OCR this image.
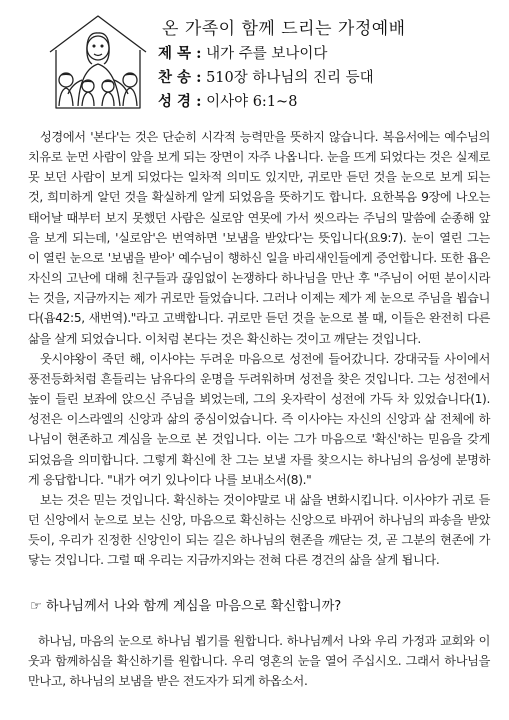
온 가족이 함께 드리는 가정예배
제 목 : 내가 주를 보나이다
찬 송 : 510장 하나님의 진리 등대
성 경 : 이사야 6:1~8

성경에서 '본다'는 것은 단순히 시각적 능력만을 뜻하지 않습니다. 복음서에는 예수님의 치유로 눈먼 사람이 앞을 보게 되는 장면이 자주 나옵니다. 눈을 뜨게 되었다는 것은 실제로 못 보던 사람이 보게 되었다는 일차적 의미도 있지만, 귀로만 듣던 것을 눈으로 보게 되는 것, 희미하게 알던 것을 확실하게 알게 되었음을 뜻하기도 합니다. 요한복음 9장에 나오는 태어날 때부터 보지 못했던 사람은 실로암 연못에 가서 씻으라는 주님의 말씀에 순종해 앞을 보게 되는데, '실로암'은 번역하면 '보냄을 받았다'는 뜻입니다(요9:7). 눈이 열린 그는 이 열린 눈으로 '보냄을 받아' 예수님이 행하신 일을 바리새인들에게 증언합니다. 또한 욥은 자신의 고난에 대해 친구들과 끊임없이 논쟁하다 하나님을 만난 후 "주님이 어떤 분이시라는 것을, 지금까지는 제가 귀로만 들었습니다. 그러나 이제는 제가 제 눈으로 주님을 뵙습니다(욥42:5, 새번역)."라고 고백합니다. 귀로만 듣던 것을 눈으로 볼 때, 이들은 완전히 다른 삶을 살게 되었습니다. 이처럼 본다는 것은 확신하는 것이고 깨닫는 것입니다.

웃시야왕이 죽던 해, 이사야는 두려운 마음으로 성전에 들어갔니다. 강대국들 사이에서 풍전등화처럼 흔들리는 남유다의 운명을 두려워하며 성전을 찾은 것입니다. 그는 성전에서 높이 들린 보좌에 앉으신 주님을 뵈었는데, 그의 옷자락이 성전에 가득 차 있었습니다(1). 성전은 이스라엘의 신앙과 삶의 중심이었습니다. 즉 이사야는 자신의 신앙과 삶 전체에 하나님이 현존하고 계심을 눈으로 본 것입니다. 이는 그가 마음으로 '확신'하는 믿음을 갖게 되었음을 의미합니다. 그렇게 확신에 찬 그는 보낼 자를 찾으시는 하나님의 음성에 분명하게 응답합니다. "내가 여기 있나이다 나를 보내소서(8)."

보는 것은 믿는 것입니다. 확신하는 것이야말로 내 삶을 변화시킵니다. 이사야가 귀로 듣던 신앙에서 눈으로 보는 신앙, 마음으로 확신하는 신앙으로 바뀌어 하나님의 파송을 받았듯이, 우리가 진정한 신앙인이 되는 길은 하나님의 현존을 깨닫는 것, 곧 그분의 현존에 가닿는 것입니다. 그럴 때 우리는 지금까지와는 전혀 다른 경건의 삶을 살게 됩니다.

☞ 하나님께서 나와 함께 계심을 마음으로 확신합니까?

하나님, 마음의 눈으로 하나님 뵙기를 원합니다. 하나님께서 나와 우리 가정과 교회와 이웃과 함께하심을 확신하기를 원합니다. 우리 영혼의 눈을 열어 주십시오. 그래서 하나님을 만나고, 하나님의 보냄을 받은 전도자가 되게 하옵소서.
